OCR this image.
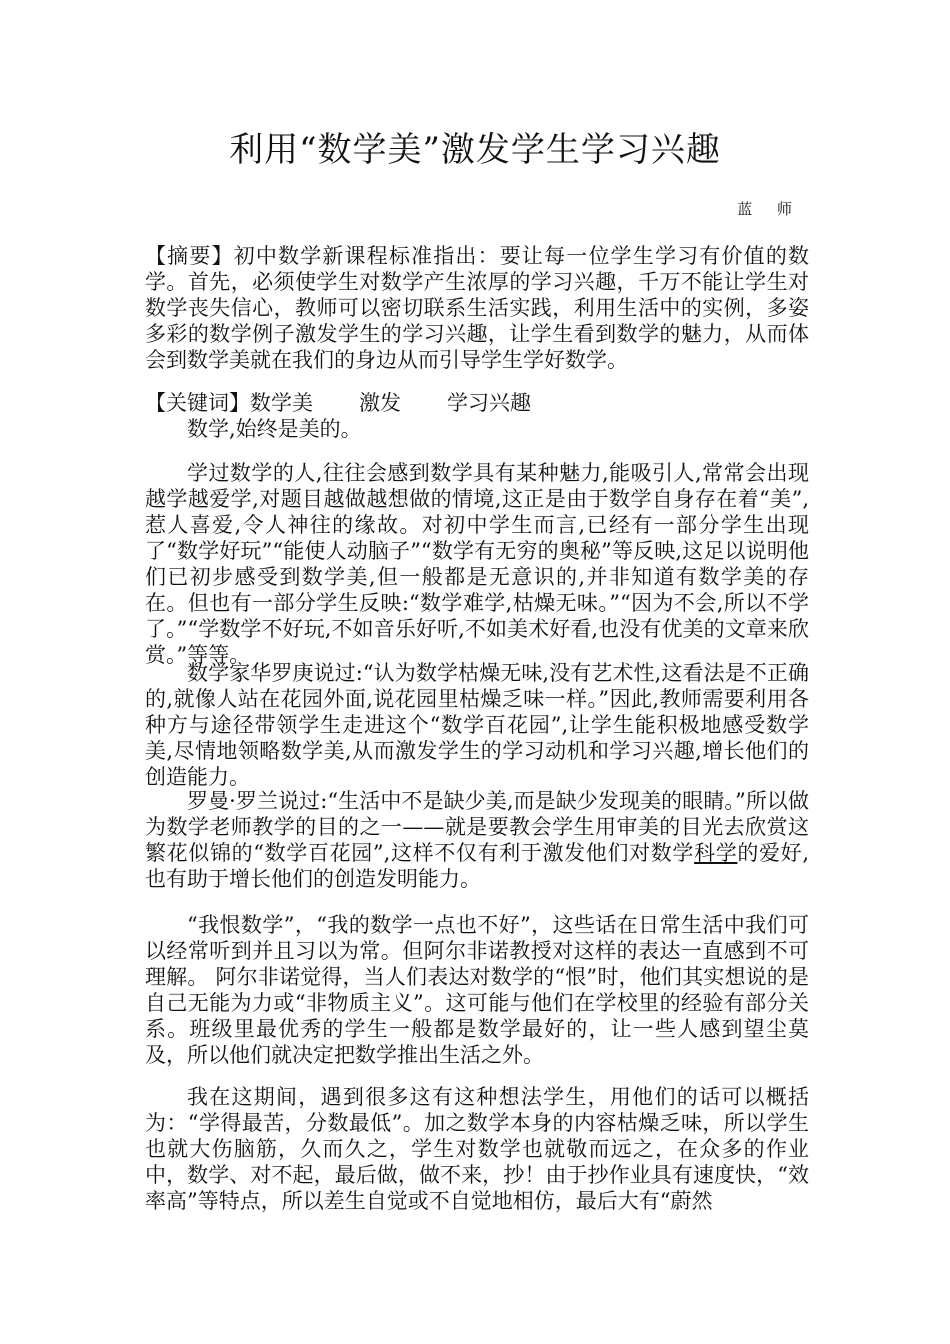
利用“数学美”激发学生学习兴趣
蓝 师

【摘要】初中数学新课程标准指出：要让每一位学生学习有价值的数学。首先，必须使学生对数学产生浓厚的学习兴趣，千万不能让学生对数学丧失信心，教师可以密切联系生活实践，利用生活中的实例，多姿多彩的数学例子激发学生的学习兴趣，让学生看到数学的魅力，从而体会到数学美就在我们的身边从而引导学生学好数学。

【关键词】数学美 激发 学习兴趣

数学,始终是美的。

学过数学的人,往往会感到数学具有某种魅力,能吸引人,常常会出现越学越爱学,对题目越做越想做的情境,这正是由于数学自身存在着“美”,惹人喜爱,令人神往的缘故。对初中学生而言,已经有一部分学生出现了“数学好玩”“能使人动脑子”“数学有无穷的奥秘”等反映,这足以说明他们已初步感受到数学美,但一般都是无意识的,并非知道有数学美的存在。但也有一部分学生反映:“数学难学,枯燥无味。”“因为不会,所以不学了。”“学数学不好玩,不如音乐好听,不如美术好看,也没有优美的文章来欣赏。”等等。

数学家华罗庚说过:“认为数学枯燥无味,没有艺术性,这看法是不正确的,就像人站在花园外面,说花园里枯燥乏味一样。”因此,教师需要利用各种方与途径带领学生走进这个“数学百花园”,让学生能积极地感受数学美,尽情地领略数学美,从而激发学生的学习动机和学习兴趣,增长他们的创造能力。

罗曼·罗兰说过:“生活中不是缺少美,而是缺少发现美的眼睛。”所以做为数学老师教学的目的之一——就是要教会学生用审美的目光去欣赏这繁花似锦的“数学百花园”,这样不仅有利于激发他们对数学科学的爱好,也有助于增长他们的创造发明能力。

“我恨数学”，“我的数学一点也不好”，这些话在日常生活中我们可以经常听到并且习以为常。但阿尔非诺教授对这样的表达一直感到不可理解。 阿尔非诺觉得，当人们表达对数学的“恨”时，他们其实想说的是自己无能为力或“非物质主义”。这可能与他们在学校里的经验有部分关系。班级里最优秀的学生一般都是数学最好的，让一些人感到望尘莫及，所以他们就决定把数学推出生活之外。

我在这期间，遇到很多这有这种想法学生，用他们的话可以概括为：“学得最苦，分数最低”。加之数学本身的内容枯燥乏味，所以学生也就大伤脑筋，久而久之，学生对数学也就敬而远之，在众多的作业中，数学、对不起，最后做，做不来，抄！由于抄作业具有速度快，“效率高”等特点，所以差生自觉或不自觉地相仿，最后大有“蔚然
